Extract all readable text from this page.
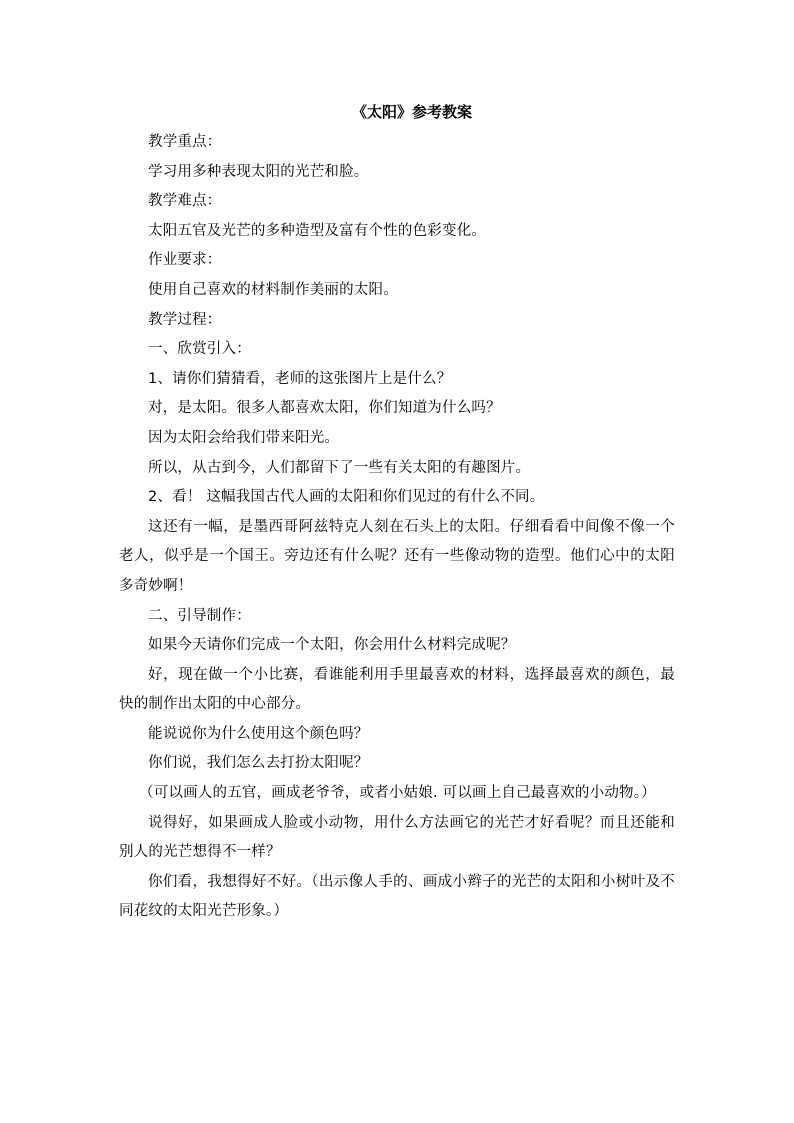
《太阳》参考教案

教学重点：

学习用多种表现太阳的光芒和脸。

教学难点：

太阳五官及光芒的多种造型及富有个性的色彩变化。

作业要求：

使用自己喜欢的材料制作美丽的太阳。

教学过程：

一、欣赏引入：

1、请你们猜猜看，老师的这张图片上是什么？

对，是太阳。很多人都喜欢太阳，你们知道为什么吗？

因为太阳会给我们带来阳光。

所以，从古到今，人们都留下了一些有关太阳的有趣图片。

2、看！ 这幅我国古代人画的太阳和你们见过的有什么不同。

这还有一幅，是墨西哥阿兹特克人刻在石头上的太阳。仔细看看中间像不像一个老人，似乎是一个国王。旁边还有什么呢？还有一些像动物的造型。他们心中的太阳多奇妙啊！

二、引导制作：

如果今天请你们完成一个太阳，你会用什么材料完成呢？

好，现在做一个小比赛，看谁能利用手里最喜欢的材料，选择最喜欢的颜色，最快的制作出太阳的中心部分。

能说说你为什么使用这个颜色吗？

你们说，我们怎么去打扮太阳呢？

（可以画人的五官，画成老爷爷，或者小姑娘. 可以画上自己最喜欢的小动物。）

说得好，如果画成人脸或小动物，用什么方法画它的光芒才好看呢？而且还能和别人的光芒想得不一样？

你们看，我想得好不好。（出示像人手的、画成小辫子的光芒的太阳和小树叶及不同花纹的太阳光芒形象。）
